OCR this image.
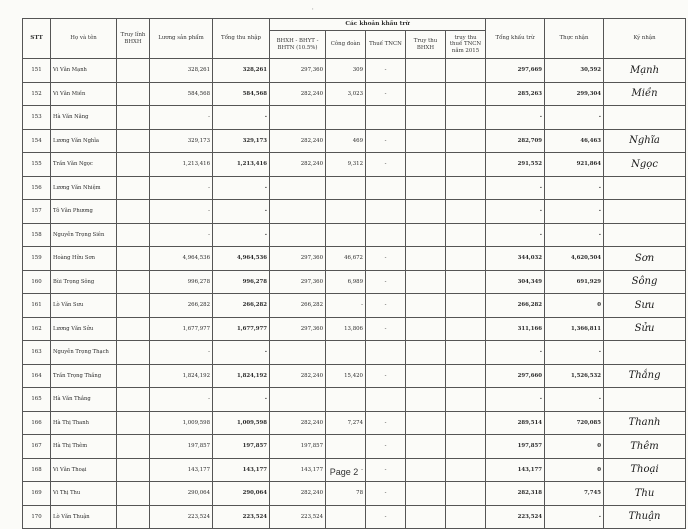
'
STT	Họ và tên	Truy lĩnh BHXH	Lương sản phẩm	Tổng thu nhập	Các khoản khấu trừ					Tổng khấu trừ	Thực nhận	Ký nhận
					BHXH - BHYT - BHTN (10.5%)	Công đoàn	Thuế TNCN	Truy thu BHXH	truy thu thuế TNCN năm 2015			
151	Vi Văn Mạnh		328,261	328,261	297,360	309	-			297,669	30,592	Mạnh
152	Vi Văn Miền		584,568	584,568	282,240	3,023	-			285,263	299,304	Miền
153	Hà Văn Năng		-	-						-	-	
154	Lương Văn Nghĩa		329,173	329,173	282,240	469	-			282,709	46,463	Nghĩa
155	Trần Văn Ngọc		1,213,416	1,213,416	282,240	9,312	-			291,552	921,864	Ngọc
156	Lương Văn Nhiệm		-	-						-	-	
157	Tô Văn Phương		-	-						-	-	
158	Nguyễn Trọng Siên		-	-						-	-	
159	Hoàng Hữu Sơn		4,964,536	4,964,536	297,360	46,672	-			344,032	4,620,504	Sơn
160	Bùi Trọng Sông		996,278	996,278	297,360	6,989	-			304,349	691,929	Sông
161	Lò Văn Sưu		266,282	266,282	266,282	-	-			266,282	0	Sưu
162	Lương Văn Sửu		1,677,977	1,677,977	297,360	13,806	-			311,166	1,366,811	Sửu
163	Nguyễn Trọng Thạch		-	-						-	-	
164	Trần Trọng Thắng		1,824,192	1,824,192	282,240	15,420	-			297,660	1,526,532	Thắng
165	Hà Văn Thắng		-	-						-	-	
166	Hà Thị Thanh		1,009,598	1,009,598	282,240	7,274	-			289,514	720,085	Thanh
167	Hà Thị Thêm		197,857	197,857	197,857		-			197,857	0	Thêm
168	Vi Văn Thoại		143,177	143,177	143,177	-	-			143,177	0	Thoại
169	Vi Thị Thu		290,064	290,064	282,240	78	-			282,318	7,745	Thu
170	Lò Văn Thuận		223,524	223,524	223,524		-			223,524	-	Thuận
Page 2
